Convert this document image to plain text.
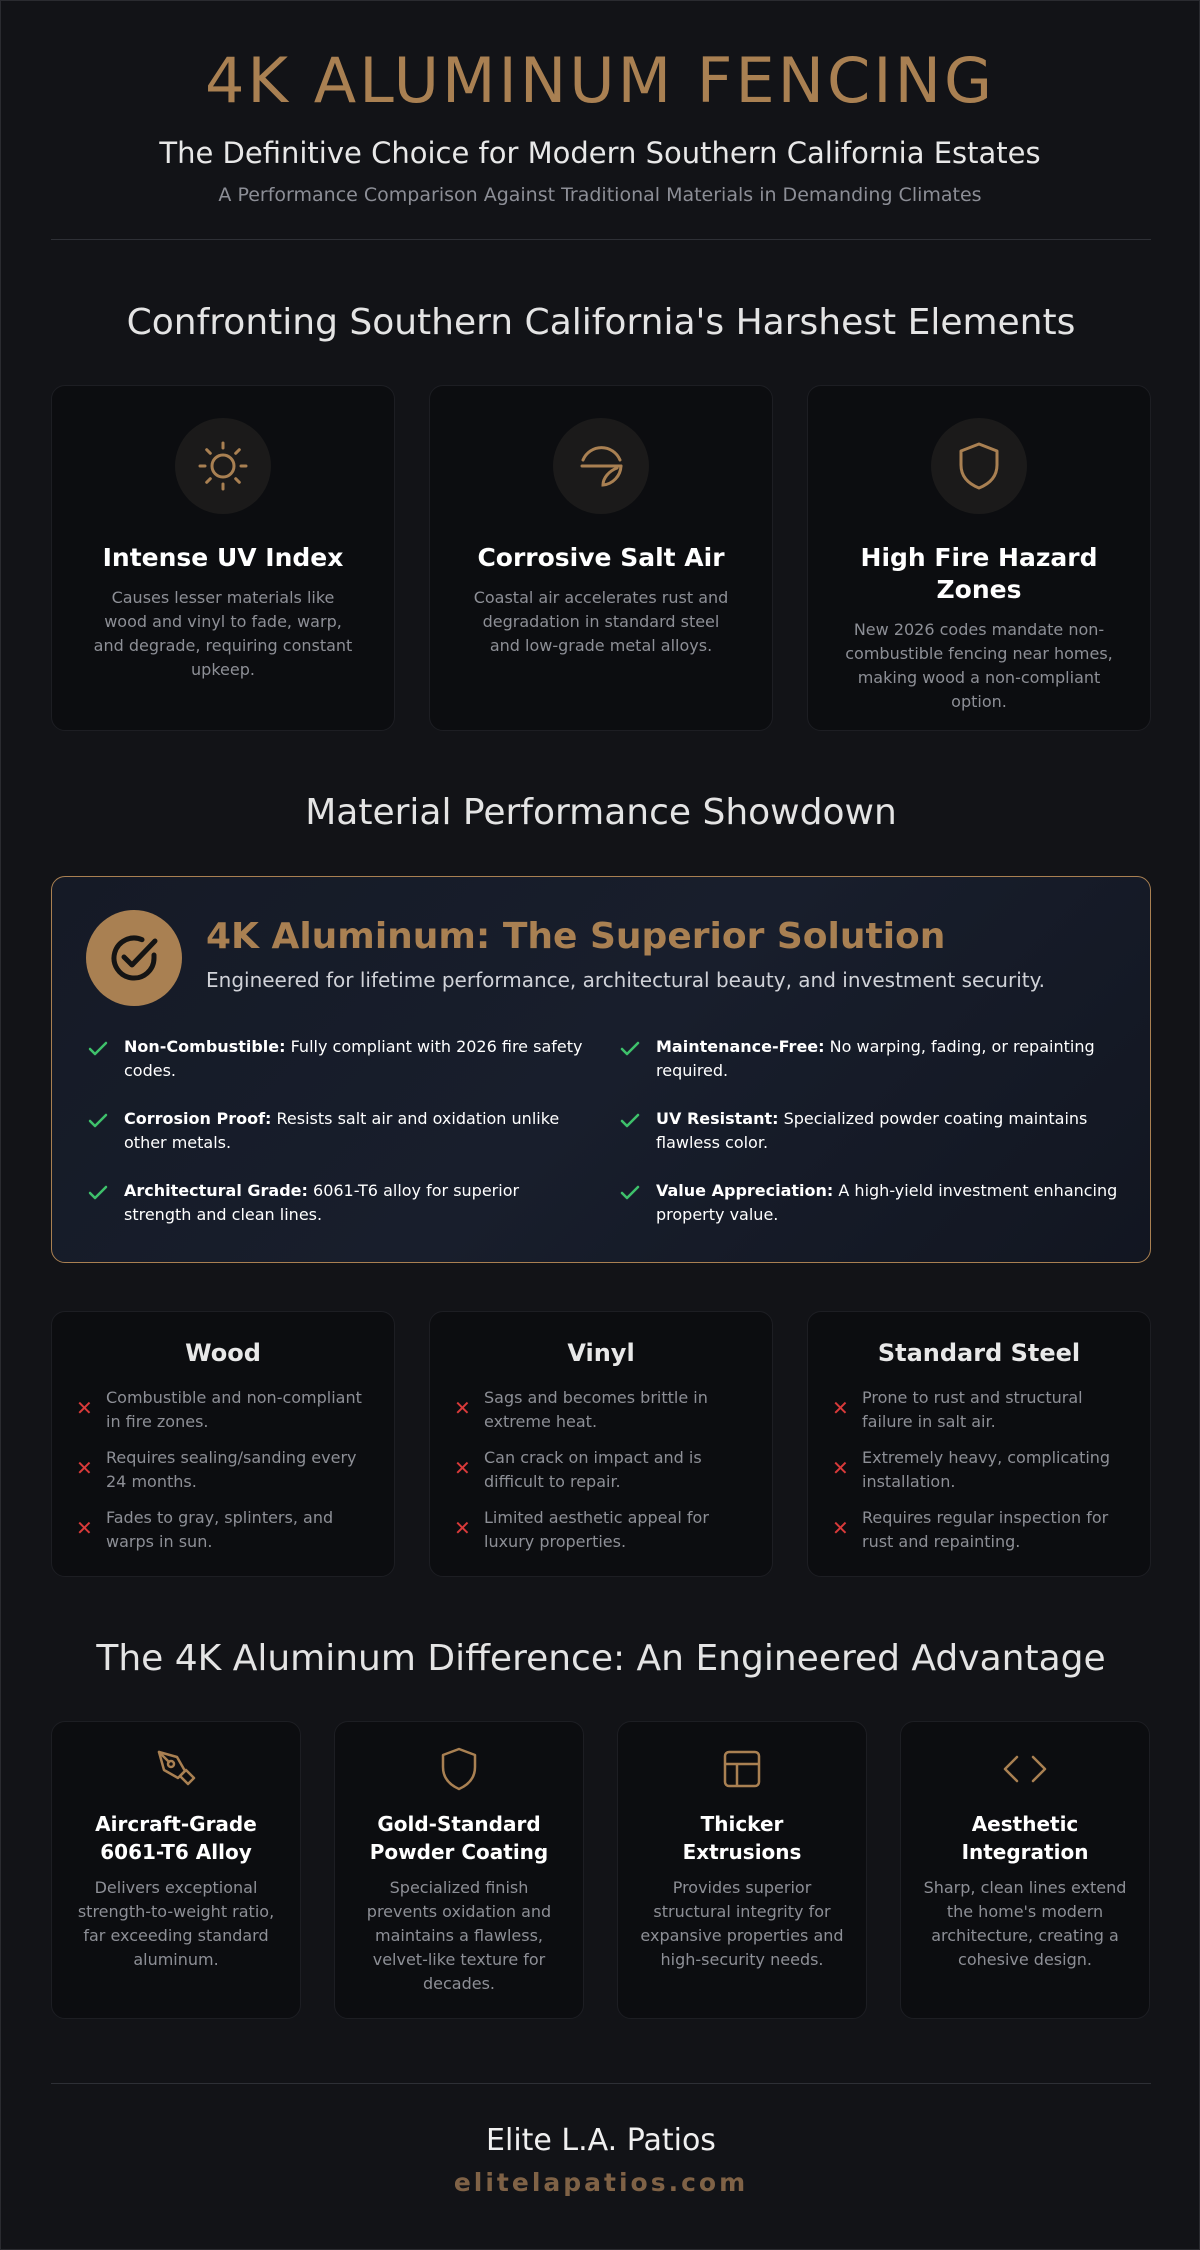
4K ALUMINUM FENCING
The Definitive Choice for Modern Southern California Estates
A Performance Comparison Against Traditional Materials in Demanding Climates
Confronting Southern California's Harshest Elements
Intense UV Index

Causes lesser materials like wood and vinyl to fade, warp, and degrade, requiring constant upkeep.

Corrosive Salt Air

Coastal air accelerates rust and degradation in standard steel and low-grade metal alloys.

High Fire Hazard Zones

New 2026 codes mandate non-combustible fencing near homes, making wood a non-compliant option.

Material Performance Showdown
4K Aluminum: The Superior Solution
Engineered for lifetime performance, architectural beauty, and investment security.
Non-Combustible: Fully compliant with 2026 fire safety codes.
Maintenance-Free: No warping, fading, or repainting required.
Corrosion Proof: Resists salt air and oxidation unlike other metals.
UV Resistant: Specialized powder coating maintains flawless color.
Architectural Grade: 6061-T6 alloy for superior strength and clean lines.
Value Appreciation: A high-yield investment enhancing property value.
Wood
✕ Combustible and non-compliant in fire zones.
✕ Requires sealing/sanding every 24 months.
✕ Fades to gray, splinters, and warps in sun.
Vinyl
✕ Sags and becomes brittle in extreme heat.
✕ Can crack on impact and is difficult to repair.
✕ Limited aesthetic appeal for luxury properties.
Standard Steel
✕ Prone to rust and structural failure in salt air.
✕ Extremely heavy, complicating installation.
✕ Requires regular inspection for rust and repainting.
The 4K Aluminum Difference: An Engineered Advantage
Aircraft-Grade 6061-T6 Alloy

Delivers exceptional strength-to-weight ratio, far exceeding standard aluminum.

Gold-Standard Powder Coating

Specialized finish prevents oxidation and maintains a flawless, velvet-like texture for decades.

Thicker Extrusions

Provides superior structural integrity for expansive properties and high-security needs.

Aesthetic Integration

Sharp, clean lines extend the home's modern architecture, creating a cohesive design.

Elite L.A. Patios
elitelapatios.com
